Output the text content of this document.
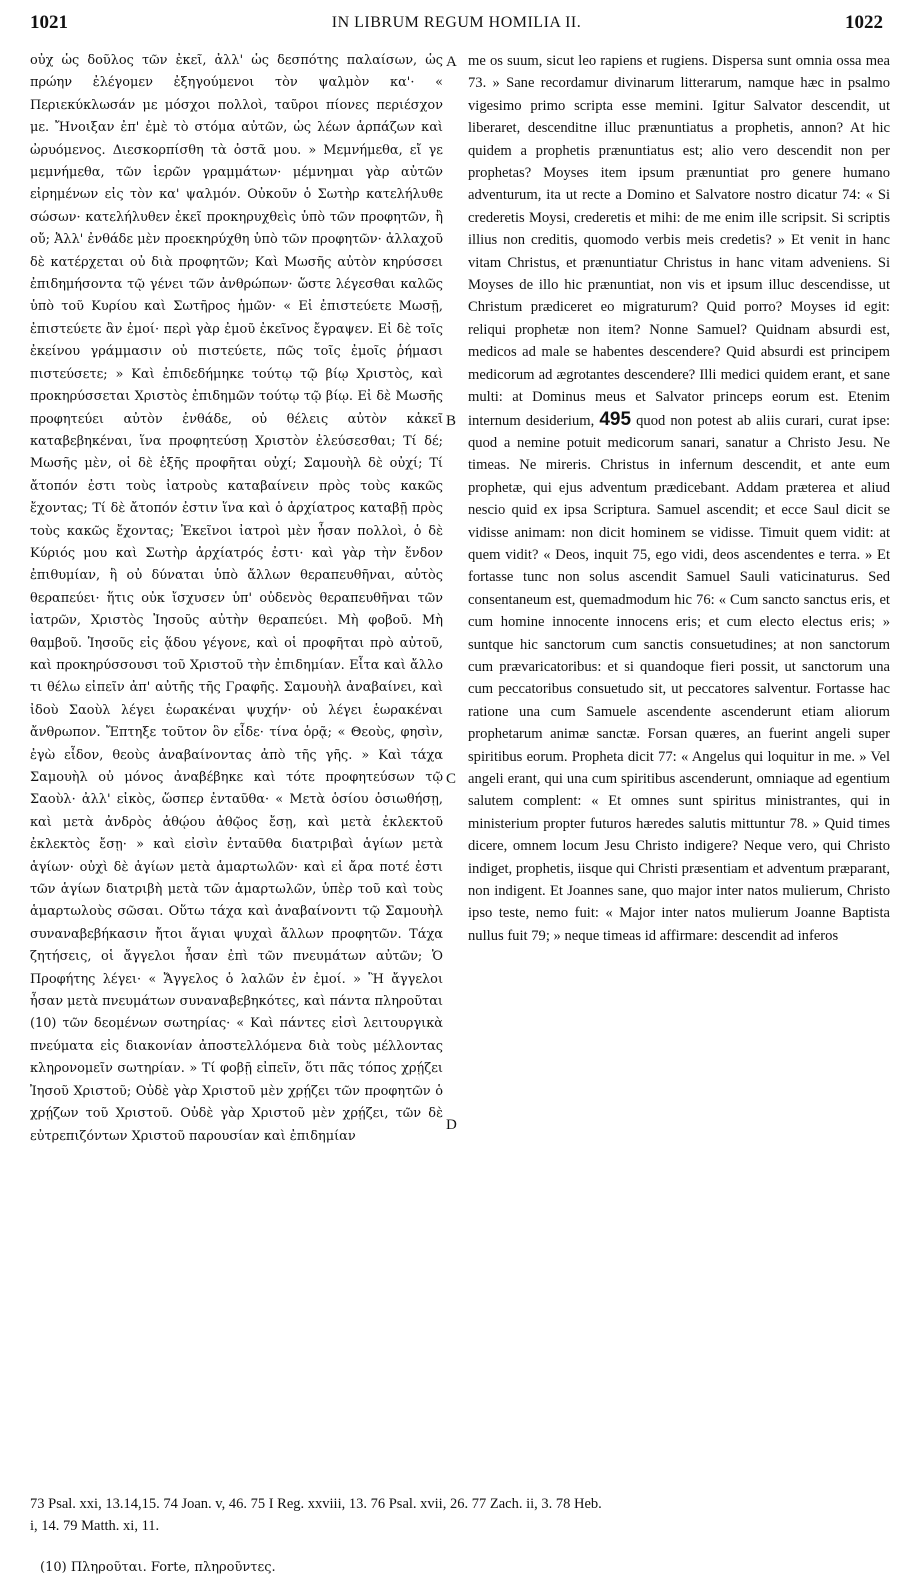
1021	IN LIBRUM REGUM HOMILIA II.	1022

οὐχ ὡς δοῦλος τῶν ἐκεῖ, ἀλλ' ὡς δεσπότης παλαίσων, ὡς πρώην ἐλέγομεν ἐξηγούμενοι τὸν ψαλμὸν κα'· « Περιεκύκλωσάν με μόσχοι πολλοὶ, ταῦροι πίονες περιέσχον με. Ἤνοιξαν ἐπ' ἐμὲ τὸ στόμα αὐτῶν, ὡς λέων ἁρπάζων καὶ ὠρυόμενος. Διεσκορπίσθη τὰ ὀστᾶ μου. » Μεμνήμεθα, εἴ γε μεμνήμεθα, τῶν ἱερῶν γραμμάτων· μέμνημαι γὰρ αὐτῶν εἰρημένων εἰς τὸν κα' ψαλμόν. Οὐκοῦν ὁ Σωτὴρ κατελήλυθε σώσων· κατελήλυθεν ἐκεῖ προκηρυχθεὶς ὑπὸ τῶν προφητῶν, ἢ οὔ; Ἀλλ' ἐνθάδε μὲν προεκηρύχθη ὑπὸ τῶν προφητῶν· ἀλλαχοῦ δὲ κατέρχεται οὐ διὰ προφητῶν; Καὶ Μωσῆς αὐτὸν κηρύσσει ἐπιδημήσοντα τῷ γένει τῶν ἀνθρώπων· ὥστε λέγεσθαι καλῶς ὑπὸ τοῦ Κυρίου καὶ Σωτῆρος ἡμῶν· « Εἰ ἐπιστεύετε Μωσῇ, ἐπιστεύετε ἂν ἐμοί· περὶ γὰρ ἐμοῦ ἐκεῖνος ἔγραψεν. Εἰ δὲ τοῖς ἐκείνου γράμμασιν οὐ πιστεύετε, πῶς τοῖς ἐμοῖς ῥήμασι πιστεύσετε; » Καὶ ἐπιδεδήμηκε τούτῳ τῷ βίῳ Χριστὸς, καὶ προκηρύσσεται Χριστὸς ἐπιδημῶν τούτῳ τῷ βίῳ. Εἰ δὲ Μωσῆς προφητεύει αὐτὸν ἐνθάδε, οὐ θέλεις αὐτὸν κἀκεῖ καταβεβηκέναι, ἵνα προφητεύσῃ Χριστὸν ἐλεύσεσθαι; Τί δέ; Μωσῆς μὲν, οἱ δὲ ἑξῆς προφῆται οὐχί; Σαμουὴλ δὲ οὐχί; Τί ἄτοπόν ἐστι τοὺς ἰατροὺς καταβαίνειν πρὸς τοὺς κακῶς ἔχοντας; Τί δὲ ἄτοπόν ἐστιν ἵνα καὶ ὁ ἀρχίατρος καταβῇ πρὸς τοὺς κακῶς ἔχοντας; Ἐκεῖνοι ἰατροὶ μὲν ἦσαν πολλοὶ, ὁ δὲ Κύριός μου καὶ Σωτὴρ ἀρχίατρός ἐστι· καὶ γὰρ τὴν ἔνδον ἐπιθυμίαν, ἣ οὐ δύναται ὑπὸ ἄλλων θεραπευθῆναι, αὐτὸς θεραπεύει· ἥτις οὐκ ἴσχυσεν ὑπ' οὐδενὸς θεραπευθῆναι τῶν ἰατρῶν, Χριστὸς Ἰησοῦς αὐτὴν θεραπεύει. Μὴ φοβοῦ. Μὴ θαμβοῦ. Ἰησοῦς εἰς ᾅδου γέγονε, καὶ οἱ προφῆται πρὸ αὐτοῦ, καὶ προκηρύσσουσι τοῦ Χριστοῦ τὴν ἐπιδημίαν. Εἶτα καὶ ἄλλο τι θέλω εἰπεῖν ἀπ' αὐτῆς τῆς Γραφῆς. Σαμουὴλ ἀναβαίνει, καὶ ἰδοὺ Σαοὺλ λέγει ἑωρακέναι ψυχήν· οὐ λέγει ἑωρακέναι ἄνθρωπον. Ἔπτηξε τοῦτον ὃν εἶδε· τίνα ὁρᾷ; « Θεοὺς, φησὶν, ἐγὼ εἶδον, θεοὺς ἀναβαίνοντας ἀπὸ τῆς γῆς. » Καὶ τάχα Σαμουὴλ οὐ μόνος ἀναβέβηκε καὶ τότε προφητεύσων τῷ Σαοὺλ· ἀλλ' εἰκὸς, ὥσπερ ἐνταῦθα· « Μετὰ ὁσίου ὁσιωθήσῃ, καὶ μετὰ ἀνδρὸς ἀθῴου ἀθῷος ἔσῃ, καὶ μετὰ ἐκλεκτοῦ ἐκλεκτὸς ἔσῃ· » καὶ εἰσὶν ἐνταῦθα διατριβαὶ ἁγίων μετὰ ἁγίων· οὐχὶ δὲ ἁγίων μετὰ ἁμαρτωλῶν· καὶ εἰ ἄρα ποτέ ἐστι τῶν ἁγίων διατριβὴ μετὰ τῶν ἁμαρτωλῶν, ὑπὲρ τοῦ καὶ τοὺς ἁμαρτωλοὺς σῶσαι. Οὕτω τάχα καὶ ἀναβαίνοντι τῷ Σαμουὴλ συναναβεβήκασιν ἤτοι ἅγιαι ψυχαὶ ἄλλων προφητῶν. Τάχα ζητήσεις, οἱ ἄγγελοι ἦσαν ἐπὶ τῶν πνευμάτων αὐτῶν; Ὁ Προφήτης λέγει· « Ἄγγελος ὁ λαλῶν ἐν ἐμοί. » Ἢ ἄγγελοι ἦσαν μετὰ πνευμάτων συναναβεβηκότες, καὶ πάντα πληροῦται (10) τῶν δεομένων σωτηρίας· « Καὶ πάντες εἰσὶ λειτουργικὰ πνεύματα εἰς διακονίαν ἀποστελλόμενα διὰ τοὺς μέλλοντας κληρονομεῖν σωτηρίαν. » Τί φοβῇ εἰπεῖν, ὅτι πᾶς τόπος χρῄζει Ἰησοῦ Χριστοῦ; Οὐδὲ γὰρ Χριστοῦ μὲν χρῄζει τῶν προφητῶν ὁ χρῄζων τοῦ Χριστοῦ. Οὐδὲ γὰρ Χριστοῦ μὲν χρῄζει, τῶν δὲ εὐτρεπιζόντων Χριστοῦ παρουσίαν καὶ ἐπιδημίαν

A
B
C
D

me os suum, sicut leo rapiens et rugiens. Dispersa sunt omnia ossa mea 73. » Sane recordamur divinarum litterarum, namque hæc in psalmo vigesimo primo scripta esse memini. Igitur Salvator descendit, ut liberaret, descenditne illuc prænuntiatus a prophetis, annon? At hic quidem a prophetis prænuntiatus est; alio vero descendit non per prophetas? Moyses item ipsum prænuntiat pro genere humano adventurum, ita ut recte a Domino et Salvatore nostro dicatur 74: « Si crederetis Moysi, crederetis et mihi: de me enim ille scripsit. Si scriptis illius non creditis, quomodo verbis meis credetis? » Et venit in hanc vitam Christus, et prænuntiatur Christus in hanc vitam adveniens. Si Moyses de illo hic prænuntiat, non vis et ipsum illuc descendisse, ut Christum prædiceret eo migraturum? Quid porro? Moyses id egit: reliqui prophetæ non item? Nonne Samuel? Quidnam absurdi est, medicos ad male se habentes descendere? Quid absurdi est principem medicorum ad ægrotantes descendere? Illi medici quidem erant, et sane multi: at Dominus meus et Salvator princeps eorum est. Etenim internum desiderium, 495 quod non potest ab aliis curari, curat ipse: quod a nemine potuit medicorum sanari, sanatur a Christo Jesu. Ne timeas. Ne mireris. Christus in infernum descendit, et ante eum prophetæ, qui ejus adventum prædicebant. Addam præterea et aliud nescio quid ex ipsa Scriptura. Samuel ascendit; et ecce Saul dicit se vidisse animam: non dicit hominem se vidisse. Timuit quem vidit: at quem vidit? « Deos, inquit 75, ego vidi, deos ascendentes e terra. » Et fortasse tunc non solus ascendit Samuel Sauli vaticinaturus. Sed consentaneum est, quemadmodum hic 76: « Cum sancto sanctus eris, et cum homine innocente innocens eris; et cum electo electus eris; » suntque hic sanctorum cum sanctis consuetudines; at non sanctorum cum prævaricatoribus: et si quandoque fieri possit, ut sanctorum una cum peccatoribus consuetudo sit, ut peccatores salventur. Fortasse hac ratione una cum Samuele ascendente ascenderunt etiam aliorum prophetarum animæ sanctæ. Forsan quæres, an fuerint angeli super spiritibus eorum. Propheta dicit 77: « Angelus qui loquitur in me. » Vel angeli erant, qui una cum spiritibus ascenderunt, omniaque ad egentium salutem complent: « Et omnes sunt spiritus ministrantes, qui in ministerium propter futuros hæredes salutis mittuntur 78. » Quid times dicere, omnem locum Jesu Christo indigere? Neque vero, qui Christo indiget, prophetis, iisque qui Christi præsentiam et adventum præparant, non indigent. Et Joannes sane, quo major inter natos mulierum, Christo ipso teste, nemo fuit: « Major inter natos mulierum Joanne Baptista nullus fuit 79; » neque timeas id affirmare: descendit ad inferos

73 Psal. xxi, 13.14,15. 74 Joan. v, 46. 75 I Reg. xxviii, 13. 76 Psal. xvii, 26. 77 Zach. ii, 3. 78 Heb.

i, 14. 79 Matth. xi, 11.

(10) Πληροῦται. Forte, πληροῦντες.
